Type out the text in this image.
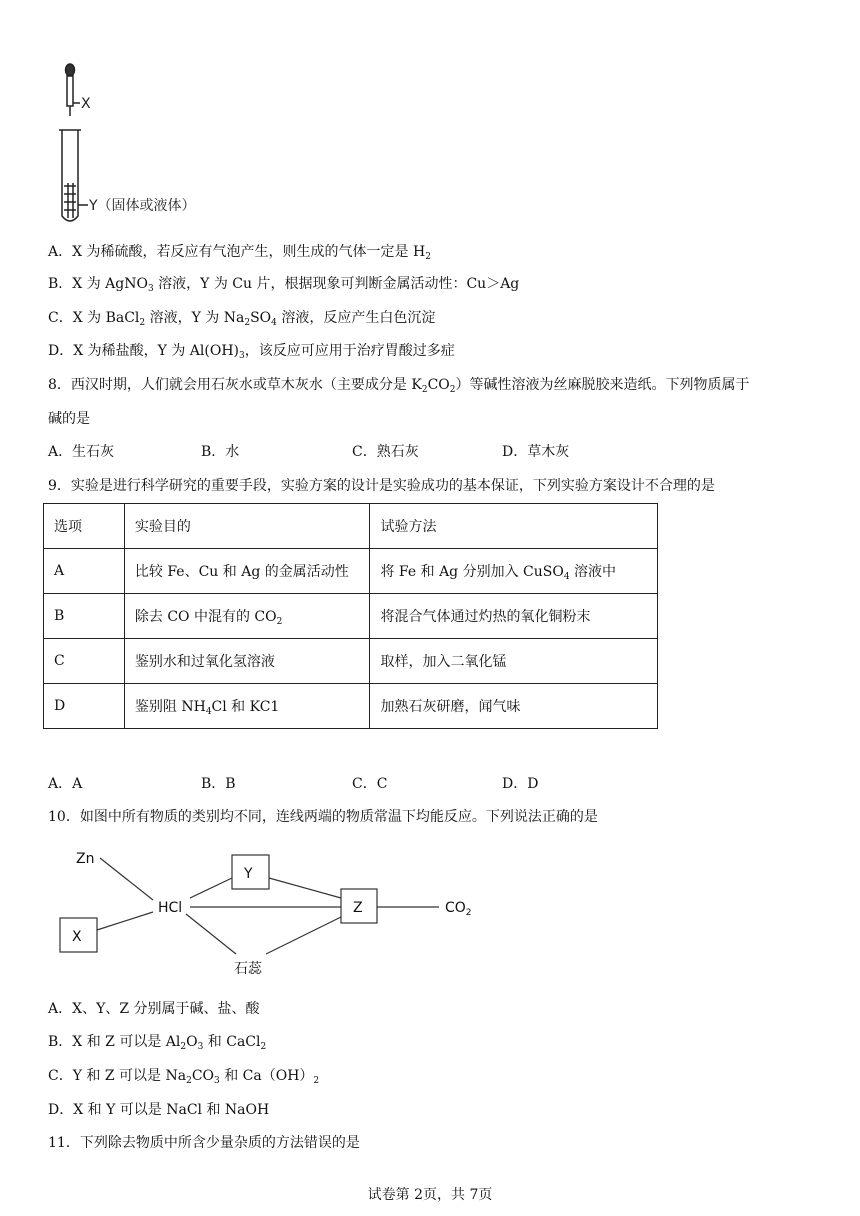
X
Y（固体或液体）
A．X 为稀硫酸，若反应有气泡产生，则生成的气体一定是 $H_2$
B．X 为 AgNO$_3$ 溶液，Y 为 Cu 片，根据现象可判断金属活动性：Cu＞Ag
C．X 为 BaCl$_2$ 溶液，Y 为 $Na_2SO_4$ 溶液，反应产生白色沉淀
D．X 为稀盐酸，Y 为 $Al(OH)_3$，该反应可应用于治疗胃酸过多症
8．西汉时期，人们就会用石灰水或草木灰水（主要成分是 $K_2CO_2$）等碱性溶液为丝麻脱胶来造纸。下列物质属于
碱的是
A．生石灰	B．水	C．熟石灰	D．草木灰
9．实验是进行科学研究的重要手段，实验方案的设计是实验成功的基本保证，下列实验方案设计不合理的是
选项	实验目的	试验方法
A	比较 Fe、Cu 和 Ag 的金属活动性	将 Fe 和 Ag 分别加入 CuSO$_4$ 溶液中
B	除去 CO 中混有的 $CO_2$	将混合气体通过灼热的氧化铜粉末
C	鉴别水和过氧化氢溶液	取样，加入二氧化锰
D	鉴别阻 $NH_4Cl$ 和 KC1	加熟石灰研磨，闻气味
A．A	B．B	C．C	D．D
10．如图中所有物质的类别均不同，连线两端的物质常温下均能反应。下列说法正确的是
Zn
X
HCl
Y
Z	$CO_2$
石蕊
A．X、Y、Z 分别属于碱、盐、酸
B．X 和 Z 可以是 $Al_2O_3$ 和 CaCl$_2$
C．Y 和 Z 可以是 $Na_2CO_3$ 和 $Ca(OH)_2$
D．X 和 Y 可以是 NaCl 和 NaOH
11．下列除去物质中所含少量杂质的方法错误的是
试卷第 2页，共 7页
